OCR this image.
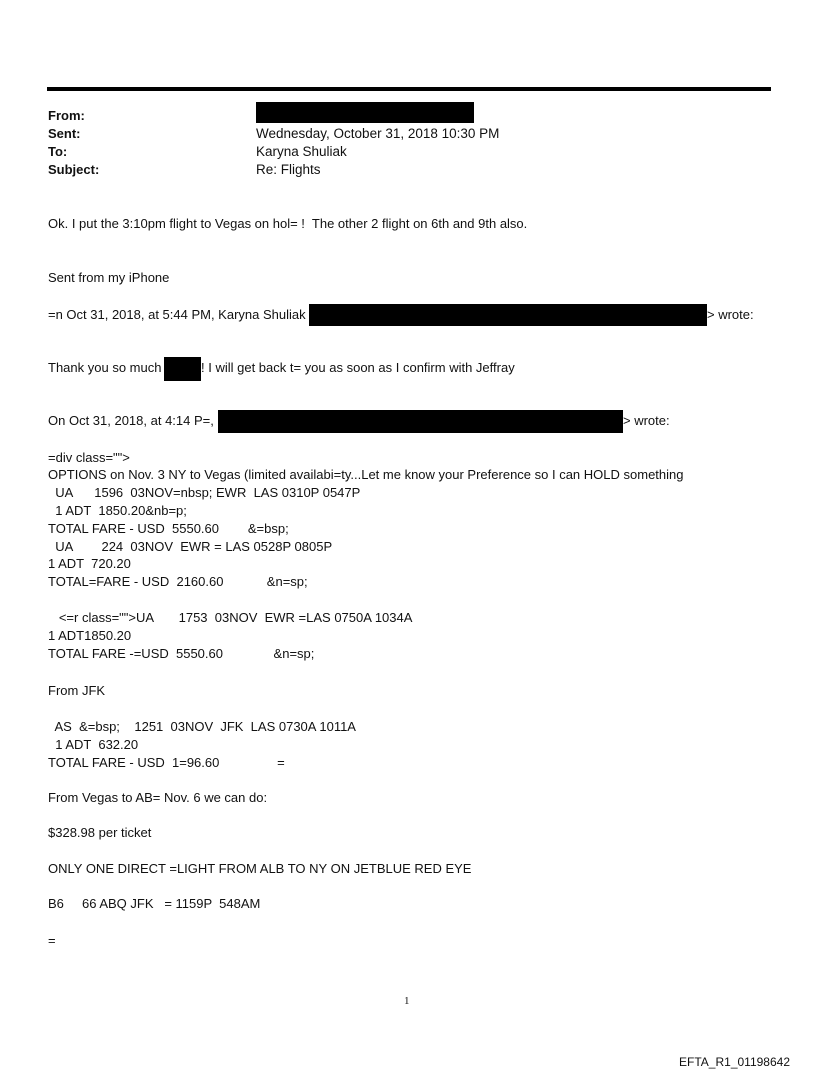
From:
Sent:	Wednesday, October 31, 2018 10:30 PM
To:	Karyna Shuliak
Subject:	Re: Flights
Ok. I put the 3:10pm flight to Vegas on hol= !  The other 2 flight on 6th and 9th also.
Sent from my iPhone
=n Oct 31, 2018, at 5:44 PM, Karyna Shuliak	> wrote:
Thank you so much	! I will get back t= you as soon as I confirm with Jeffray
On Oct 31, 2018, at 4:14 P=,	> wrote:
=div class="">
OPTIONS on Nov. 3 NY to Vegas (limited availabi=ty...Let me know your Preference so I can HOLD something
UA      1596  03NOV=nbsp; EWR  LAS 0310P 0547P
1 ADT  1850.20&nb=p;
TOTAL FARE - USD  5550.60        &=bsp;
UA        224  03NOV  EWR = LAS 0528P 0805P
1 ADT  720.20
TOTAL=FARE - USD  2160.60            &n=sp;
<=r class="">UA       1753  03NOV  EWR =LAS 0750A 1034A
1 ADT1850.20
TOTAL FARE -=USD  5550.60              &n=sp;
From JFK
AS  &=bsp;    1251  03NOV  JFK  LAS 0730A 1011A
1 ADT  632.20
TOTAL FARE - USD  1=96.60                =
From Vegas to AB= Nov. 6 we can do:
$328.98 per ticket
ONLY ONE DIRECT =LIGHT FROM ALB TO NY ON JETBLUE RED EYE
B6     66 ABQ JFK   = 1159P  548AM
=
1
EFTA_R1_01198642
